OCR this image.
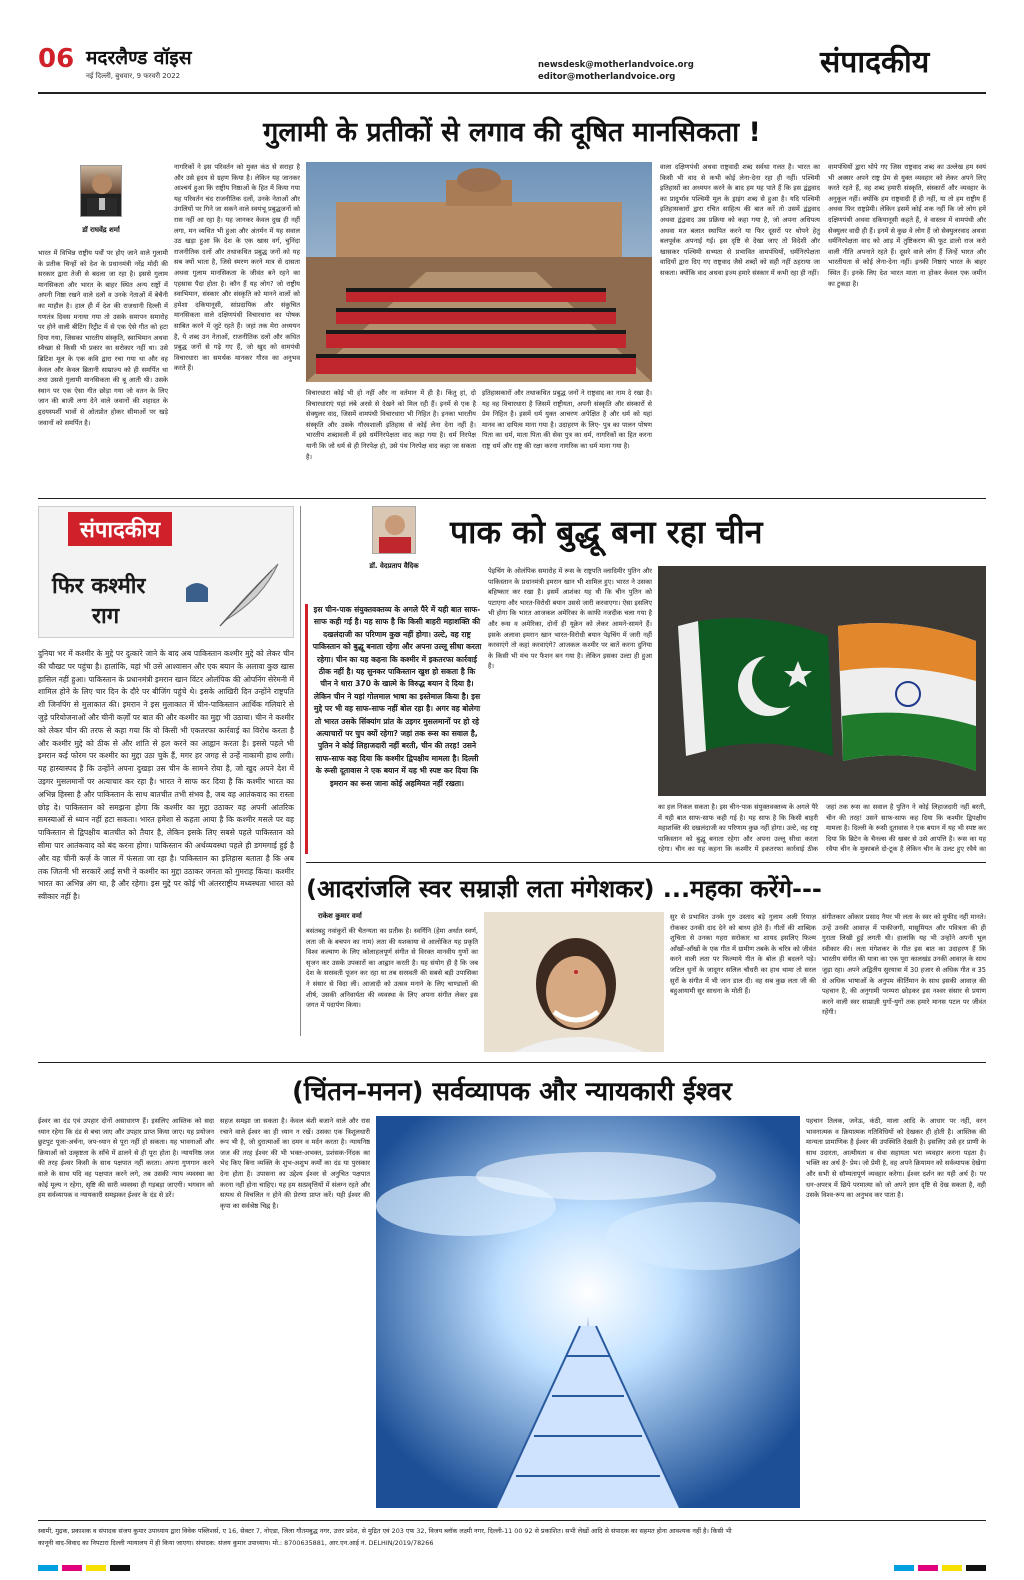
06 मदरलैण्ड वॉइस
नई दिल्ली, बुधवार, 9 फरवरी 2022
newsdesk@motherlandvoice.org
editor@motherlandvoice.org	संपादकीय
गुलामी के प्रतीकों से लगाव की दूषित मानसिकता !
डॉ राघवेंद्र शर्मा
भारत में विभिन्न राष्ट्रीय पर्वों पर होए जाने वाले गुलामी के प्रतीक चिन्हों को देश के प्रधानमंत्री नरेंद्र मोदी की सरकार द्वारा तेजी से बदला जा रहा है। इससे गुलाम मानसिकता और भारत के बाहर स्थित अन्य राष्ट्रों में अपनी निष्ठा रखने वाले दलों व उनके नेताओं में बेचैनी का माहौल है। हाल ही में देश की राजधानी दिल्ली में गणतंत्र दिवस मनाया गया तो उसके समापन समारोह पर होने वाली बीटिंग रिट्रीट में से एक ऐसे गीत को हटा दिया गया, जिसका भारतीय संस्कृति, स्वाभिमान अथवा स्वैच्छा से किसी भी प्रकार का सरोकार नहीं था। उसे ब्रिटिश मूल के एक कवि द्वारा रचा गया था और वह केवल और केवल ब्रितानी साम्राज्य को ही समर्पित था तथा उससे गुलामी मानसिकता की बू आती थी। उसके स्थान पर एक ऐसा गीत छोड़ा गया जो वतन के लिए जान की बाजी लगा देने वाले जवानों की शहादत के हृदयस्पर्शी भावों से ओतप्रोत होकर सीमाओं पर खड़े जवानों को समर्पित है।
नागरिकों ने इस परिवर्तन को मुक्त कंठ से सराहा है और उसे हृदय से ग्रहण किया है। लेकिन यह जानकर आश्चर्य हुआ कि राष्ट्रीय निष्ठाओं के हित में किया गया यह परिवर्तन चंद राजनीतिक दलों, उनके नेताओं और उंगलियों पर गिने जा सकने वाले स्वयंभू प्रबुद्धजनों को रास नहीं आ रहा है। यह जानकर केवल दुख ही नहीं लगा, मन व्यथित भी हुआ और अंतर्मन में यह सवाल उठ खड़ा हुआ कि देश के एक खास वर्ग, चुनिंदा राजनीतिक दलों और तथाकथित प्रबुद्ध जनों को यह सब क्यों भाता है, जिसे स्मरण करने मात्र से दासता अथवा गुलाम मानसिकता के जीवंत बने रहने का एहसास पैदा होता है। कौन हैं यह लोग? जो राष्ट्रीय स्वाभिमान, संस्कार और संस्कृति को मानने वालों को हमेशा दकियानूसी, सांप्रदायिक और संकुचित मानसिकता वाले दक्षिणपंथी विचारधारा का पोषक साबित करने में जुटे रहते हैं। जहां तक मेरा अध्ययन है, ये शब्द उन नेताओं, राजनीतिक दलों और कथित प्रबुद्ध जनों से गढ़े गए हैं, जो खुद को वामपंथी विचारधारा का समर्थक मानकर गौरव का अनुभव करते हैं।
विचारधारा कोई भी हो नहीं और ना वर्तमान में ही है। किंतु हां, दो विचारधाराएं यहां लंबे अरसे से देखने को मिल रही हैं। इनमें से एक है सेक्युलर वाद, जिसमें वामपंथी विचारधारा भी निहित है। इनका भारतीय संस्कृति और उसके गौरवशाली इतिहास से कोई लेना देना नहीं है। भारतीय शब्दावली में इसे धर्मनिरपेक्षता वाद कहा गया है। धर्म निरपेक्ष यानी कि जो धर्म से ही निरपेक्ष हो, उसे पंथ निरपेक्ष वाद कहा जा सकता है।
इतिहासकारों और तथाकथित प्रबुद्ध जनों ने राष्ट्रवाद का नाम दे रखा है। यह वह विचारधारा है जिसमें राष्ट्रीयता, अपनी संस्कृति और संस्कारों से प्रेम निहित है। इसमें धर्म युक्त आचरण अपेक्षित है और धर्म को यहां मानव का दायित्व माना गया है। उदाहरण के लिए- पुत्र का पालन पोषण पिता का धर्म, माता पिता की सेवा पुत्र का धर्म, नागरिकों का हित करना राष्ट्र धर्म और राष्ट्र की रक्षा करना नागरिक का धर्म माना गया है।
वाला दक्षिणपंथी अथवा राष्ट्रवादी शब्द सर्वथा गलत है। भारत का किसी भी वाद से कभी कोई लेना-देना रहा ही नहीं। पश्चिमी इतिहासों का अध्ययन करने के बाद हम यह पाते हैं कि इस द्वंद्ववाद का प्रादुर्भाव पश्चिमी मूल के ड्राइंग शब्द से हुआ है। यदि पश्चिमी इतिहासकारों द्वारा रचित साहित्य की बात करें तो उसमें द्वंद्ववाद अथवा द्वंद्ववाद उस प्रक्रिया को कहा गया है, जो अपना अधिपत्य अथवा मत बलात स्थापित करने या फिर दूसरों पर थोपने हेतु बलपूर्वक अपनाई गई। इस दृष्टि से देखा जाए तो विदेशी और खासकर पश्चिमी सभ्यता से प्रभावित वामपंथियों, धर्मनिरपेक्षता वादियों द्वारा दिए गए राष्ट्रवाद जैसे शब्दों को सही नहीं ठहराया जा सकता। क्योंकि वाद अथवा इज्म हमारे संस्कार में कभी रहा ही नहीं।
वामपंथियों द्वारा थोपे गए जिस राष्ट्रवाद शब्द का उल्लेख हम स्वयं भी अक्सर अपने राष्ट्र प्रेम से युक्त व्यवहार को लेकर अपने लिए करते रहते हैं, वह शब्द हमारी संस्कृति, संस्कारों और व्यवहार के अनुकूल नहीं। क्योंकि हम राष्ट्रवादी हैं ही नहीं, या तो हम राष्ट्रीय हैं अथवा फिर राष्ट्रप्रेमी। लेकिन इसमें कोई शक नहीं कि जो लोग हमें दक्षिणपंथी अथवा दकियानूसी कहते हैं, वे वास्तव में वामपंथी और सेक्युलर वादी ही हैं। इनमें से कुछ वे लोग हैं जो सेक्युलरवाद अथवा धर्मनिरपेक्षता वाद को आड़ में तुष्टिकरण की फूट डालो राज करो वाली नीति अपनाते रहते हैं। दूसरे वाले लोग हैं जिन्हें भारत और भारतीयता से कोई लेना-देना नहीं। इनकी निष्ठाएं भारत के बाहर स्थित हैं। इनके लिए देश भारत माता ना होकर केवल एक जमीन का टुकड़ा है।
संपादकीय
फिर कश्मीर
राग
दुनिया भर में कश्मीर के मुद्दे पर दुत्कारे जाने के बाद अब पाकिस्तान कश्मीर मुद्दे को लेकर चीन की चौखट पर पहुंचा है। हालांकि, यहां भी उसे आश्वासन और एक बयान के अलावा कुछ खास हासिल नहीं हुआ। पाकिस्तान के प्रधानमंत्री इमरान खान विंटर ओलंपिक की ओपनिंग सेरेमनी में शामिल होने के लिए चार दिन के दौरे पर बीजिंग पहुंचे थे। इसके आखिरी दिन उन्होंने राष्ट्रपति शी जिनपिंग से मुलाकात की। इमरान ने इस मुलाकात में चीन-पाकिस्तान आर्थिक गलियारे से जुड़े परियोजनाओं और चीनी कर्ज़ों पर बात की और कश्मीर का मुद्दा भी उठाया। चीन ने कश्मीर को लेकर चीन की तरफ से कहा गया कि वो किसी भी एकतरफा कार्रवाई का विरोध करता है और कश्मीर मुद्दे को ठीक से और शांति से हल करने का आह्वान करता है। इससे पहले भी इमरान कई फोरम पर कश्मीर का मुद्दा उठा चुके हैं, मगर हर जगह से उन्हें नाकामी हाथ लगी। यह हास्यास्पद है कि उन्होंने अपना दुखड़ा उस चीन के सामने रोया है, जो खुद अपने देश में उइगर मुसलमानों पर अत्याचार कर रहा है। भारत ने साफ कर दिया है कि कश्मीर भारत का अभिन्न हिस्सा है और पाकिस्तान के साथ बातचीत तभी संभव है, जब वह आतंकवाद का रास्ता छोड़ दे। पाकिस्तान को समझना होगा कि कश्मीर का मुद्दा उठाकर वह अपनी आंतरिक समस्याओं से ध्यान नहीं हटा सकता। भारत हमेशा से कहता आया है कि कश्मीर मसले पर वह पाकिस्तान से द्विपक्षीय बातचीत को तैयार है, लेकिन इसके लिए सबसे पहले पाकिस्तान को सीमा पार आतंकवाद को बंद करना होगा। पाकिस्तान की अर्थव्यवस्था पहले ही डगमगाई हुई है और वह चीनी कर्ज़ के जाल में फंसता जा रहा है। पाकिस्तान का इतिहास बताता है कि अब तक जितनी भी सरकारें आईं सभी ने कश्मीर का मुद्दा उठाकर जनता को गुमराह किया। कश्मीर भारत का अभिन्न अंग था, है और रहेगा। इस मुद्दे पर कोई भी अंतरराष्ट्रीय मध्यस्थता भारत को स्वीकार नहीं है।
डॉ. वेदप्रताप वैदिक
पाक को बुद्धू बना रहा चीन
इस चीन-पाक संयुक्तवक्तव्य के अगले पैरे में यही बात साफ-साफ कही गई है। यह साफ है कि किसी बाहरी महाशक्ति की दखलंदाजी का परिणाम कुछ नहीं होगा। उल्टे, वह राष्ट्र पाकिस्तान को बुद्धू बनाता रहेगा और अपना उल्लू सीधा करता रहेगा। चीन का यह कहना कि कश्मीर में इकतरफा कार्रवाई ठीक नहीं है। यह सुनकर पाकिस्तान खुश हो सकता है कि चीन ने धारा 370 के खात्मे के विरुद्ध बयान दे दिया है। लेकिन चीन ने यहां गोलमाल भाषा का इस्तेमाल किया है। इस मुद्दे पर भी वह साफ-साफ नहीं बोल रहा है। अगर वह बोलेगा तो भारत उसके सिंक्यांग प्रांत के उइगर मुसलमानों पर हो रहे अत्याचारों पर चुप क्यों रहेगा? जहां तक रूस का सवाल है, पुतिन ने कोई लिहाजदारी नहीं बरती, चीन की तरह! उसने साफ-साफ कह दिया कि कश्मीर द्विपक्षीय मामला है। दिल्ली के रूसी दूतावास ने एक बयान में यह भी स्पष्ट कर दिया कि इमरान का रूस जाना कोई अहमियत नहीं रखता।
पेइचिंग के ओलंपिक समारोह में रूस के राष्ट्रपति व्लादिमीर पुतिन और पाकिस्तान के प्रधानमंत्री इमरान खान भी शामिल हुए। भारत ने उसका बहिष्कार कर रखा है। इसमें आशंका यह थी कि चीन पुतिन को पटाएगा और भारत-विरोधी बयान उससे जारी करवाएगा। ऐसा इसलिए भी होगा कि भारत आजकल अमेरिका के काफी नजदीक चला गया है और रूस व अमेरिका, दोनों ही यूक्रेन को लेकर आमने-सामने हैं। इसके अलावा इमरान खान भारत-विरोधी बयान पेइचिंग में जारी नहीं करवाएंगे तो कहां करवाएंगे? आजकल कश्मीर पर बातें करना दुनिया के किसी भी मंच पर फैशन बन गया है। लेकिन इसका उल्टा ही हुआ है।
का हल निकल सकता है। इस चीन-पाक संयुक्तवक्तव्य के अगले पैरे में यही बात साफ-साफ कही गई है। यह साफ है कि किसी बाहरी महाशक्ति की दखलंदाजी का परिणाम कुछ नहीं होगा। उल्टे, वह राष्ट्र पाकिस्तान को बुद्धू बनाता रहेगा और अपना उल्लू सीधा करता रहेगा। चीन का यह कहना कि कश्मीर में इकतरफा कार्रवाई ठीक
जहां तक रूस का सवाल है पुतिन ने कोई लिहाजदारी नहीं बरती, चीन की तरह! उसने साफ-साफ कह दिया कि कश्मीर द्विपक्षीय मामला है। दिल्ली के रूसी दूतावास ने एक बयान में यह भी स्पष्ट कर दिया कि ब्रिटेन के चैनल्स की खबर से उसे आपत्ति है। रूस का यह रवैया चीन के मुकाबले दो-टूक है लेकिन चीन के उलट हुए रवैये का
(आदरांजलि स्वर सम्राज्ञी लता मंगेशकर) ...महका करेंगे---
राकेश कुमार वर्मा
बसंतबहु नवांकुरों की चैतन्यता का प्रतीक है। स्वर्गिनि (हेमा अर्थात स्वर्ण, लता जी के बचपन का नाम) लता की यशकाया से आलोकित यह प्रकृति विश्व कल्याण के लिए कोलाहलपूर्ण संगीत से विरक्त मानवीय गुणों का सृजन कर उसके उपकारों का आह्वान करती है। यह संयोग ही है कि जब देश के सरस्वती पूजन कर रहा था तब सरस्वती की सबसे बड़ी उपासिका ने संसार से विदा ली। आजादी को उत्सव मनाने के लिए चाण्डालों की शीर्ष, उसकी अनिवार्यता की व्यवस्था के लिए अपना संगीत लेकर इस जगत में पदार्पण किया।
सुर से प्रभावित उनके गुरु उस्ताद बड़े गुलाम अली रियाज़ रोककर उनकी दाद देने को बाध्य होते हैं। गीतों की शाब्दिक शुचिता से उनका गहरा सरोकार था शायद इसलिए फिल्म आँखों-आँखों के एक गीत में ग्रामीण तबके के चरित्र को जीवंत करने वाली लता पर फिल्माये गीत के बोल ही बदलने पड़े। जटिल धुनों के जादूगर सलिल चौधरी का हाथ थामा तो सरल सुरों के संगीत में भी जान डाल दी। वह सब कुछ लता जी की बहुआयामी सुर साधना के मोती हैं।
संगीतकार ओंकार प्रसाद नैयर भी लता के स्वर को मुफीद नहीं मानते। उन्हें उनकी आवाज़ में पाकीजगी, मासूमियत और पवित्रता की ही गुराता लिखी हुई लगती थी। हालांकि यह भी उन्होंने अपनी भूल स्वीकार की। लता मंगेशकर के गीत इस बात का उदाहरण हैं कि भारतीय संगीत की यात्रा का एक पूरा कालखंड उनकी आवाज़ के साथ जुड़ा रहा। अपने अद्वितीय सुरयात्रा में 30 हजार से अधिक गीत व 35 से अधिक भाषाओं के अनुपम कीर्तिमान के साथ इसकी आवाज़ की पहचान है, की अनुगामी परम्परा छोड़कर इस नश्वर संसार से प्रयाण करने वाली स्वर साम्राज्ञी युगों-युगों तक हमारे मानस पटल पर जीवंत रहेंगी।
(चिंतन-मनन) सर्वव्यापक और न्यायकारी ईश्वर
ईश्वर का दंड एवं उपहार दोनों असाधारण हैं। इसलिए आस्तिक को सदा ध्यान रहेगा कि दंड से बचा जाए और उपहार प्राप्त किया जाए। यह प्रयोजन छुटपुट पूजा-अर्चना, जप-ध्यान से पूरा नहीं हो सकता। यह भावनाओं और क्रियाओं को उत्कृष्टता के साँचे में ढालने से ही पूरा होता है। न्यायनिष्ठ जज की तरह ईश्वर किसी के साथ पक्षपात नहीं करता। अपना गुणगान करने वाले के साथ यदि वह पक्षपात करने लगे, तब उसकी न्याय व्यवस्था का कोई मूल्य न रहेगा, सृष्टि की सारी व्यवस्था ही गड़बड़ा जाएगी। भगवान को हम सर्वव्यापक व न्यायकारी समझकर ईश्वर के दंड से डरें।
सहज समझा जा सकता है। केवल बंशी बजाने वाले और रास रचाने वाले ईश्वर का ही ध्यान न रखें। उसका एक त्रिशूलधारी रूप भी है, जो दुरात्माओं का दमन व मर्दन करता है। न्यायनिष्ठ जज की तरह ईश्वर की भी भक्त-अभक्त, प्रशंसक-निंदक का भेद किए बिना व्यक्ति के शुभ-अशुभ कर्मों का दंड या पुरस्कार देना होता है। उपासना का उद्देश्य ईश्वर से अनुचित पक्षपात करना नहीं होना चाहिए। यह हम सत्प्रवृत्तियों में संलग्न रहते और सत्पथ से विचलित न होने की प्रेरणा प्राप्त करें। यही ईश्वर की कृपा का सर्वश्रेष्ठ चिह्न है।
पहचान तिलक, जनेऊ, कंठी, माला आदि के आधार पर नहीं, वरन भावनात्मक व क्रियात्मक गतिविधियों को देखकर ही होती है। आस्तिक की मान्यता प्रामाणिक है ईश्वर की उपस्थिति देखती है। इसलिए उसे हर प्राणी के साथ उदारता, आत्मीयता व सेवा सहायता भरा व्यवहार करना पड़ता है। भक्ति का अर्थ है- प्रेम। जो प्रेमी है, वह अपने क्रियामन को सर्वव्यापक देखेगा और सभी से सौम्यतापूर्ण व्यवहार करेगा। ईश्वर दर्शन का यही अर्थ है। पर धन-अपरत्र में छिपे परमात्मा को जो अपने ज्ञान दृष्टि से देख सकता है, वही उसके विश्व-रूप का अनुभव कर पाता है।
स्वामी, मुद्रक, प्रकाशक व संपादक संजय कुमार उपाध्याय द्वारा विवेक पब्लिशर्स, ए 16, सेक्टर 7, नोएडा, जिला गौतमबुद्ध नगर, उत्तर प्रदेश, से मुद्रित एवं 203 एफ 32, विजय ब्लॉक लक्ष्मी नगर, दिल्ली-11 00 92 से प्रकाशित। सभी लेखों आदि से संपादक का सहमत होना आवश्यक नहीं है। किसी भी
कानूनी वाद-विवाद का निपटारा दिल्ली न्यायालय में ही किया जाएगा। संपादक: संजय कुमार उपाध्याय। मो.: 8700635881, आर.एन.आई नं. DELHIN/2019/78266
